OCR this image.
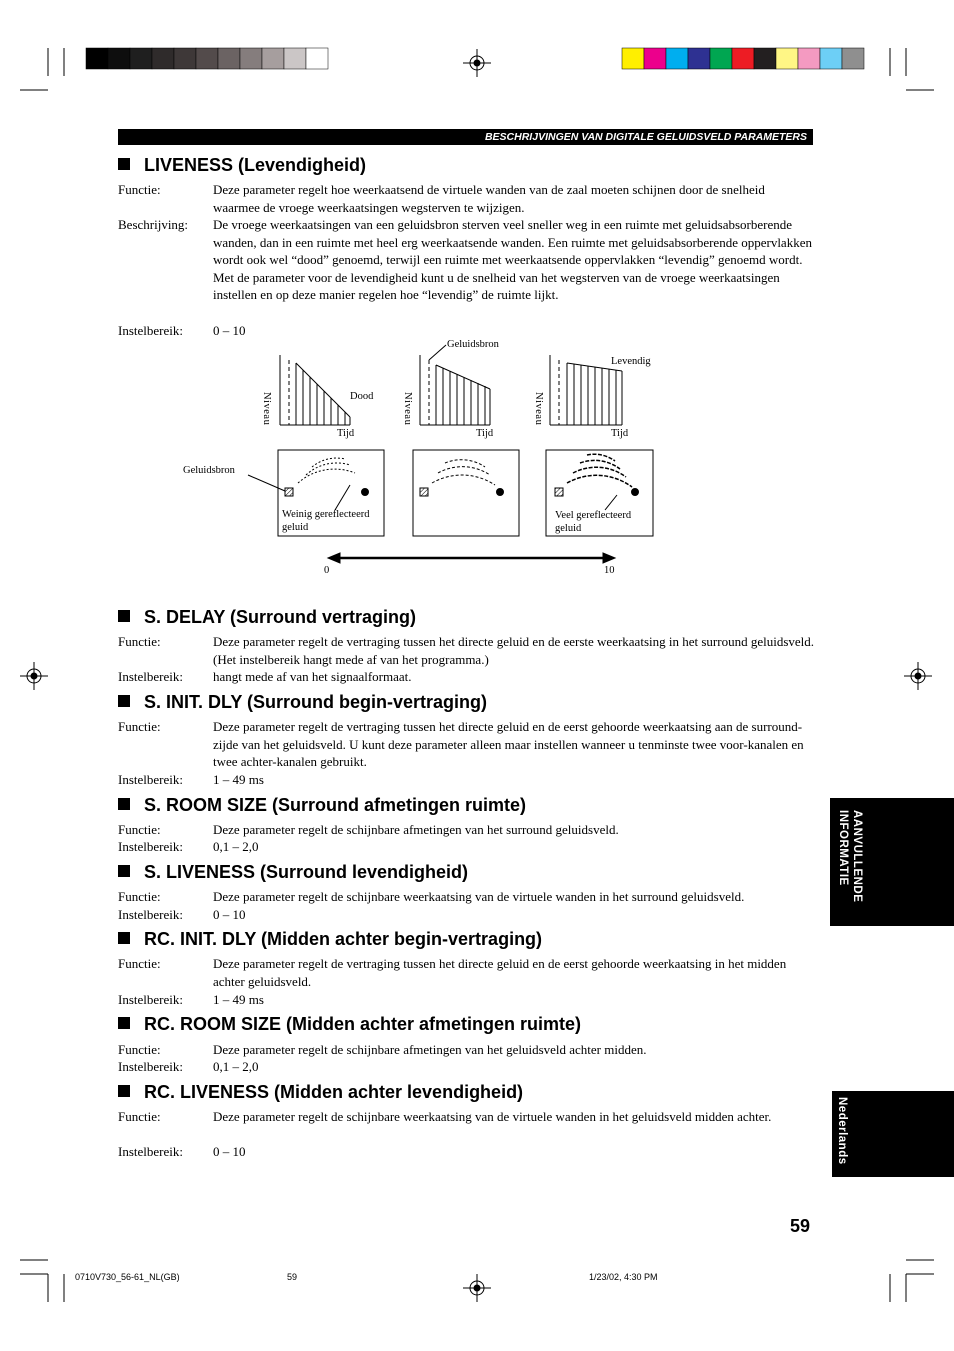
BESCHRIJVINGEN VAN DIGITALE GELUIDSVELD PARAMETERS
LIVENESS (Levendigheid)
Functie:	Deze parameter regelt hoe weerkaatsend de virtuele wanden van de zaal moeten schijnen door de snelheid waarmee de vroege weerkaatsingen wegsterven te wijzigen.
Beschrijving: De vroege weerkaatsingen van een geluidsbron sterven veel sneller weg in een ruimte met geluidsabsorberende wanden, dan in een ruimte met heel erg weerkaatsende wanden. Een ruimte met geluidsabsorberende oppervlakken wordt ook wel “dood” genoemd, terwijl een ruimte met weerkaatsende oppervlakken “levendig” genoemd wordt. Met de parameter voor de levendigheid kunt u de snelheid van het wegsterven van de vroege weerkaatsingen instellen en op deze manier regelen hoe “levendig” de ruimte lijkt.
Instelbereik: 0 – 10
Niveau	Niveau	Niveau
Tijd	Tijd	Tijd
Dood
Levendig
Geluidsbron
Geluidsbron
Weinig gereflecteerd
geluid
Veel gereflecteerd
geluid
0	10
S. DELAY (Surround vertraging)
Functie:	Deze parameter regelt de vertraging tussen het directe geluid en de eerste weerkaatsing in het surround geluidsveld. (Het instelbereik hangt mede af van het programma.)
Instelbereik: hangt mede af van het signaalformaat.
S. INIT. DLY (Surround begin-vertraging)
Functie:	Deze parameter regelt de vertraging tussen het directe geluid en de eerst gehoorde weerkaatsing aan de surround-zijde van het geluidsveld. U kunt deze parameter alleen maar instellen wanneer u tenminste twee voor-kanalen en twee achter-kanalen gebruikt.
Instelbereik: 1 – 49 ms
S. ROOM SIZE (Surround afmetingen ruimte)
Functie:	Deze parameter regelt de schijnbare afmetingen van het surround geluidsveld.
Instelbereik: 0,1 – 2,0
S. LIVENESS (Surround levendigheid)
Functie:	Deze parameter regelt de schijnbare weerkaatsing van de virtuele wanden in het surround geluidsveld.
Instelbereik: 0 – 10
RC. INIT. DLY (Midden achter begin-vertraging)
Functie:	Deze parameter regelt de vertraging tussen het directe geluid en de eerst gehoorde weerkaatsing in het midden achter geluidsveld.
Instelbereik: 1 – 49 ms
RC. ROOM SIZE (Midden achter afmetingen ruimte)
Functie:	Deze parameter regelt de schijnbare afmetingen van het geluidsveld achter midden.
Instelbereik: 0,1 – 2,0
RC. LIVENESS (Midden achter levendigheid)
Functie:	Deze parameter regelt de schijnbare weerkaatsing van de virtuele wanden in het geluidsveld midden achter.
Instelbereik: 0 – 10
AANVULLENDE INFORMATIE
Nederlands
59
0710V730_56-61_NL(GB)	59	1/23/02, 4:30 PM
